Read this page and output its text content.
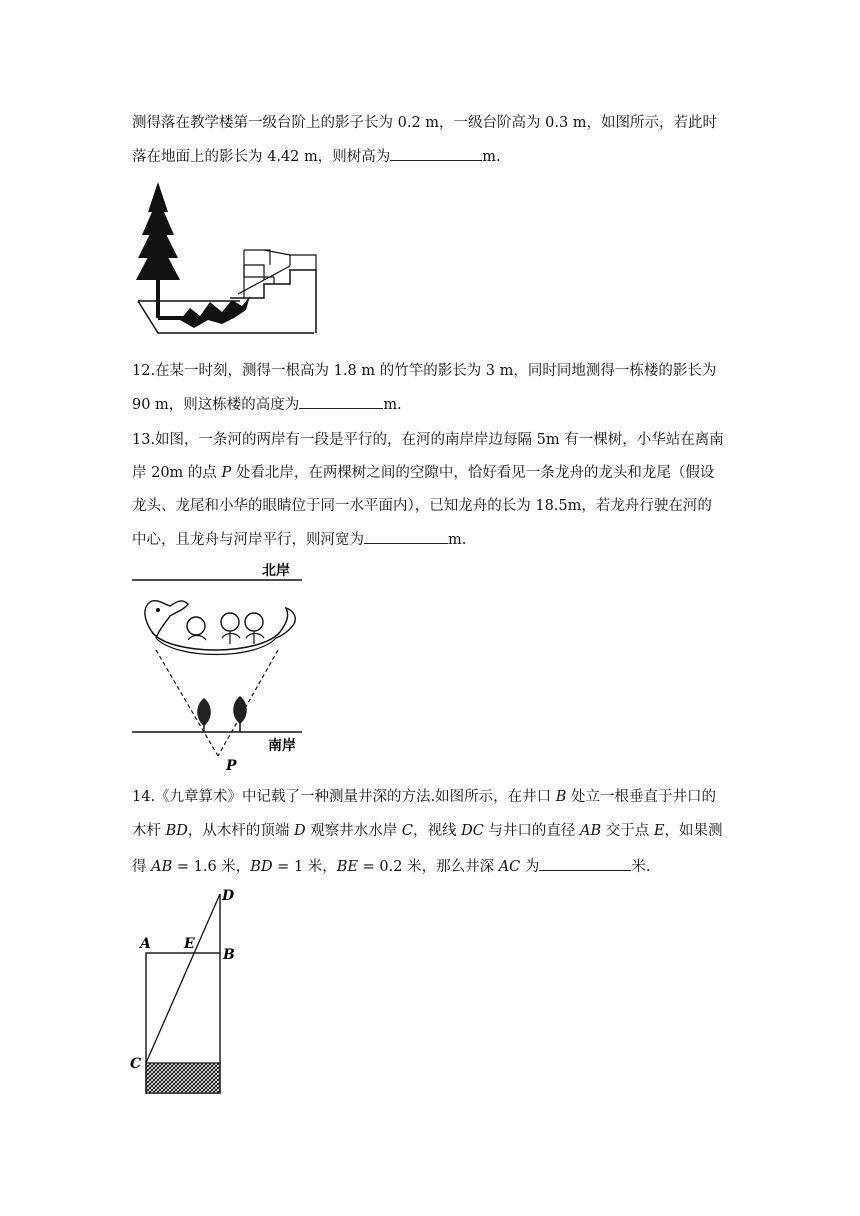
测得落在教学楼第一级台阶上的影子长为 0.2 m，一级台阶高为 0.3 m，如图所示，若此时
落在地面上的影长为 4.42 m，则树高为	m.
12.在某一时刻，测得一根高为 1.8 m 的竹竿的影长为 3 m，同时同地测得一栋楼的影长为
90 m，则这栋楼的高度为	m.
13.如图，一条河的两岸有一段是平行的，在河的南岸岸边每隔 5m 有一棵树，小华站在离南
岸 20m 的点 P 处看北岸，在两棵树之间的空隙中，恰好看见一条龙舟的龙头和龙尾（假设
龙头、龙尾和小华的眼睛位于同一水平面内），已知龙舟的长为 18.5m，若龙舟行驶在河的
中心，且龙舟与河岸平行，则河宽为	m.
北岸
南岸
P
14.《九章算术》中记载了一种测量井深的方法.如图所示，在井口 B 处立一根垂直于井口的
木杆 BD，从木杆的顶端 D 观察井水水岸 C，视线 DC 与井口的直径 AB 交于点 E，如果测
得 AB = 1.6 米，BD = 1 米，BE = 0.2 米，那么井深 AC 为	米.
D
A E
B
C
